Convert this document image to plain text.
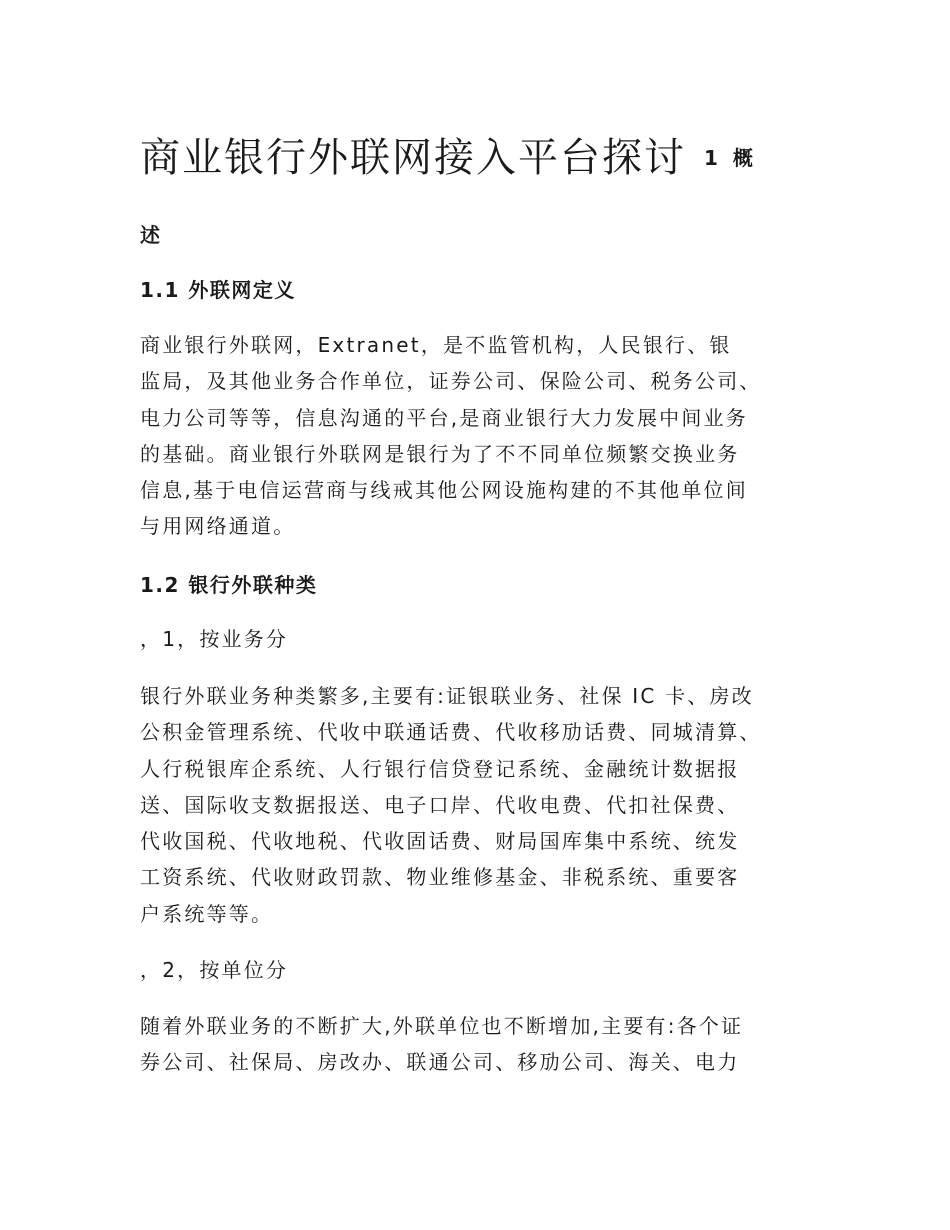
商业银行外联网接入平台探讨 1 概
述
1.1 外联网定义
商业银行外联网，Extranet，是不监管机构，人民银行、银
监局，及其他业务合作单位，证券公司、保险公司、税务公司、
电力公司等等，信息沟通的平台,是商业银行大力发展中间业务
的基础。商业银行外联网是银行为了不不同单位频繁交换业务
信息,基于电信运营商与线戒其他公网设施构建的不其他单位间
与用网络通道。
1.2 银行外联种类
，1，按业务分
银行外联业务种类繁多,主要有:证银联业务、社保 IC 卡、房改
公积金管理系统、代收中联通话费、代收移劢话费、同城清算、
人行税银库企系统、人行银行信贷登记系统、金融统计数据报
送、国际收支数据报送、电子口岸、代收电费、代扣社保费、
代收国税、代收地税、代收固话费、财局国库集中系统、统发
工资系统、代收财政罚款、物业维修基金、非税系统、重要客
户系统等等。
，2，按单位分
随着外联业务的不断扩大,外联单位也不断增加,主要有:各个证
券公司、社保局、房改办、联通公司、移劢公司、海关、电力
